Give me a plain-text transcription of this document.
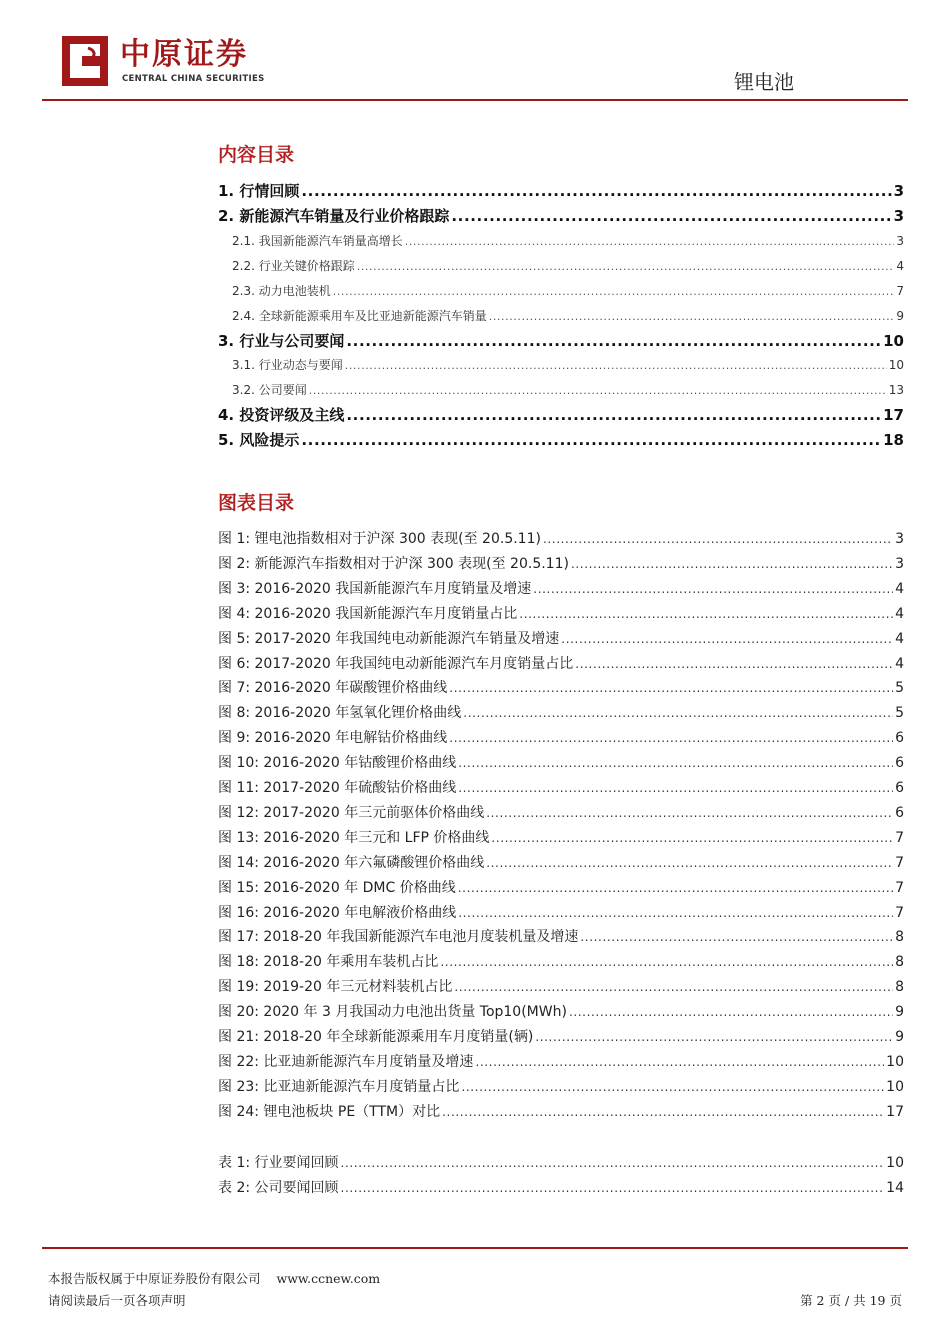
中原证券
CENTRAL CHINA SECURITIES	锂电池
内容目录
1. 行情回顾 .....	3
2. 新能源汽车销量及行业价格跟踪 .....	3
2.1. 我国新能源汽车销量高增长 .....	3
2.2. 行业关键价格跟踪 .....	4
2.3. 动力电池装机 .....	7
2.4. 全球新能源乘用车及比亚迪新能源汽车销量 .....	9
3. 行业与公司要闻 .....	10
3.1. 行业动态与要闻 .....	10
3.2. 公司要闻 .....	13
4. 投资评级及主线 .....	17
5. 风险提示 .....	18
图表目录
图 1: 锂电池指数相对于沪深 300 表现(至 20.5.11) .....	3
图 2: 新能源汽车指数相对于沪深 300 表现(至 20.5.11) .....	3
图 3: 2016-2020 我国新能源汽车月度销量及增速 .....	4
图 4: 2016-2020 我国新能源汽车月度销量占比 .....	4
图 5: 2017-2020 年我国纯电动新能源汽车销量及增速 .....	4
图 6: 2017-2020 年我国纯电动新能源汽车月度销量占比 .....	4
图 7: 2016-2020 年碳酸锂价格曲线 .....	5
图 8: 2016-2020 年氢氧化锂价格曲线 .....	5
图 9: 2016-2020 年电解钴价格曲线 .....	6
图 10: 2016-2020 年钴酸锂价格曲线 .....	6
图 11: 2017-2020 年硫酸钴价格曲线 .....	6
图 12: 2017-2020 年三元前驱体价格曲线 .....	6
图 13: 2016-2020 年三元和 LFP 价格曲线 .....	7
图 14: 2016-2020 年六氟磷酸锂价格曲线 .....	7
图 15: 2016-2020 年 DMC 价格曲线 .....	7
图 16: 2016-2020 年电解液价格曲线 .....	7
图 17: 2018-20 年我国新能源汽车电池月度装机量及增速 .....	8
图 18: 2018-20 年乘用车装机占比 .....	8
图 19: 2019-20 年三元材料装机占比 .....	8
图 20: 2020 年 3 月我国动力电池出货量 Top10(MWh) .....	9
图 21: 2018-20 年全球新能源乘用车月度销量(辆) .....	9
图 22: 比亚迪新能源汽车月度销量及增速 .....	10
图 23: 比亚迪新能源汽车月度销量占比 .....	10
图 24: 锂电池板块 PE（TTM）对比 .....	17
表 1: 行业要闻回顾 .....	10
表 2: 公司要闻回顾 .....	14
本报告版权属于中原证券股份有限公司 www.ccnew.com
请阅读最后一页各项声明	第 2 页 / 共 19 页
